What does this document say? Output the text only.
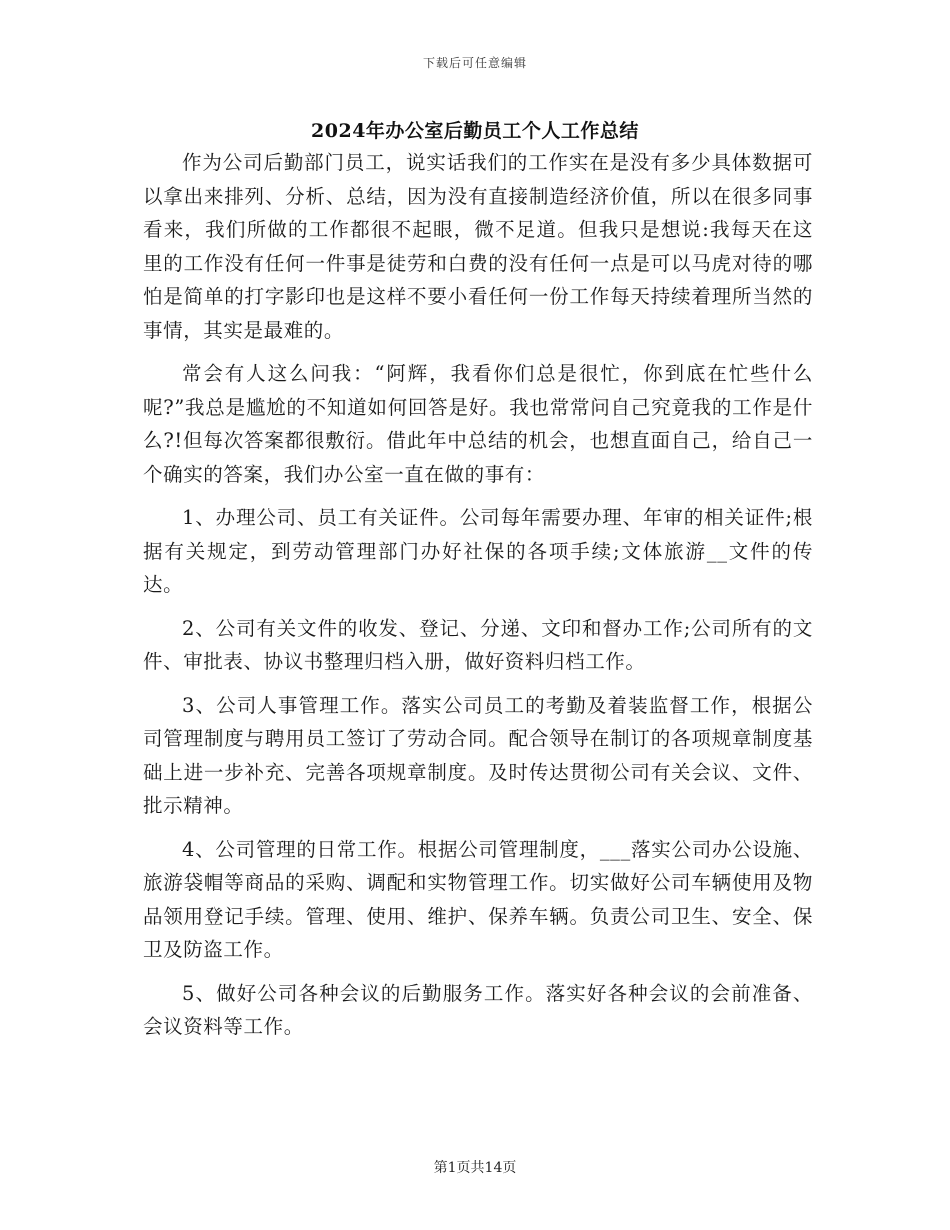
下载后可任意编辑
2024年办公室后勤员工个人工作总结

作为公司后勤部门员工，说实话我们的工作实在是没有多少具体数据可以拿出来排列、分析、总结，因为没有直接制造经济价值，所以在很多同事看来，我们所做的工作都很不起眼，微不足道。但我只是想说:我每天在这里的工作没有任何一件事是徒劳和白费的没有任何一点是可以马虎对待的哪怕是简单的打字影印也是这样不要小看任何一份工作每天持续着理所当然的事情，其实是最难的。

常会有人这么问我：“阿辉，我看你们总是很忙，你到底在忙些什么呢?”我总是尴尬的不知道如何回答是好。我也常常问自己究竟我的工作是什么?!但每次答案都很敷衍。借此年中总结的机会，也想直面自己，给自己一个确实的答案，我们办公室一直在做的事有：

1、办理公司、员工有关证件。公司每年需要办理、年审的相关证件;根据有关规定，到劳动管理部门办好社保的各项手续;文体旅游__文件的传达。

2、公司有关文件的收发、登记、分递、文印和督办工作;公司所有的文件、审批表、协议书整理归档入册，做好资料归档工作。

3、公司人事管理工作。落实公司员工的考勤及着装监督工作，根据公司管理制度与聘用员工签订了劳动合同。配合领导在制订的各项规章制度基础上进一步补充、完善各项规章制度。及时传达贯彻公司有关会议、文件、批示精神。

4、公司管理的日常工作。根据公司管理制度，___落实公司办公设施、旅游袋帽等商品的采购、调配和实物管理工作。切实做好公司车辆使用及物品领用登记手续。管理、使用、维护、保养车辆。负责公司卫生、安全、保卫及防盗工作。

5、做好公司各种会议的后勤服务工作。落实好各种会议的会前准备、会议资料等工作。

第1页共14页
